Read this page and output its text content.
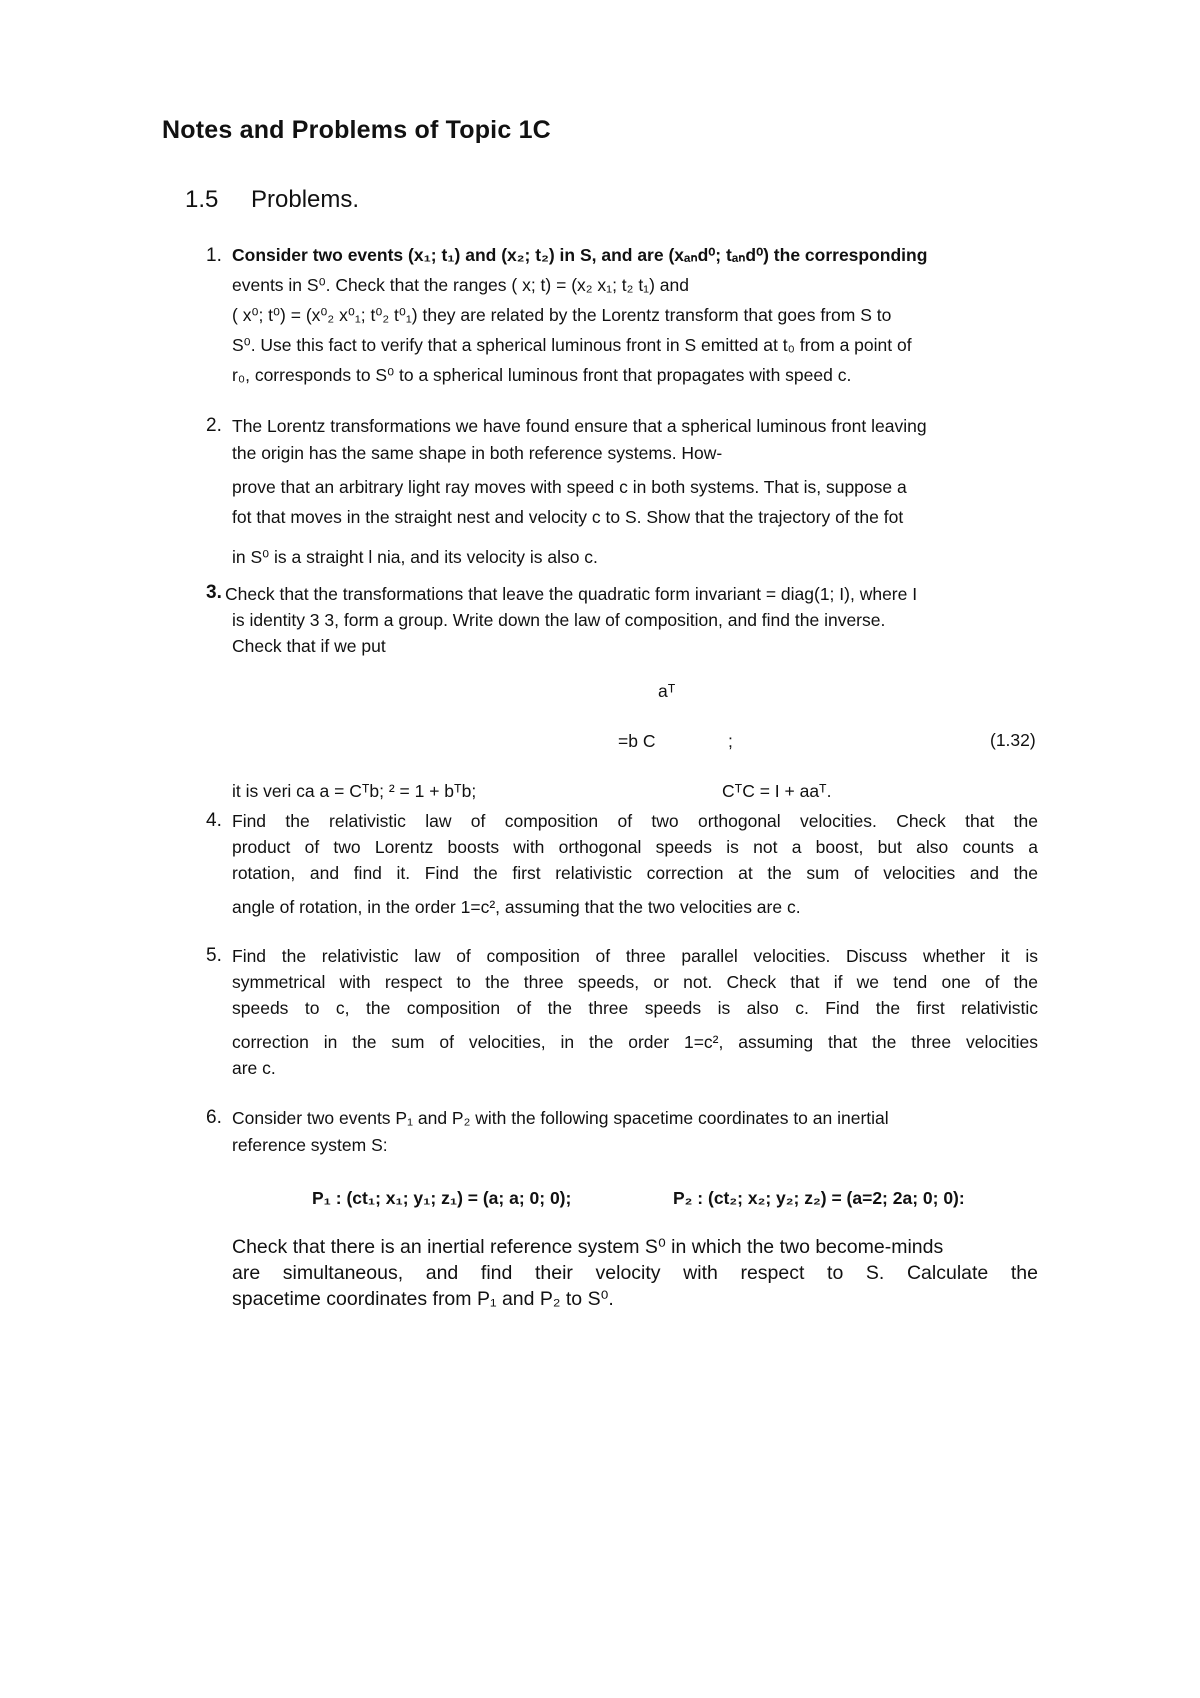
Notes and Problems of Topic 1C
1.5 Problems.
1. Consider two events (x₁; t₁) and (x₂; t₂) in S, and are (xₐₙd⁰; tₐₙd⁰) the corresponding
events in S⁰. Check that the ranges ( x; t) = (x₂ x₁; t₂ t₁) and
( x⁰; t⁰) = (x⁰₂ x⁰₁; t⁰₂ t⁰₁) they are related by the Lorentz transform that goes from S to
S⁰. Use this fact to verify that a spherical luminous front in S emitted at t₀ from a point of
r₀, corresponds to S⁰ to a spherical luminous front that propagates with speed c.
2. The Lorentz transformations we have found ensure that a spherical luminous front leaving
the origin has the same shape in both reference systems. How-
prove that an arbitrary light ray moves with speed c in both systems. That is, suppose a
fot that moves in the straight nest and velocity c to S. Show that the trajectory of the fot
in S⁰ is a straight l nia, and its velocity is also c.
3. Check that the transformations that leave the quadratic form invariant = diag(1; I), where I
is identity 3 3, form a group. Write down the law of composition, and find the inverse.
Check that if we put
aᵀ
=b C	;	(1.32)
it is veri ca a = Cᵀb; ² = 1 + bᵀb;	CᵀC = I + aaᵀ.
4. Find the relativistic law of composition of two orthogonal velocities. Check that the
product of two Lorentz boosts with orthogonal speeds is not a boost, but also counts a
rotation, and find it. Find the first relativistic correction at the sum of velocities and the
angle of rotation, in the order 1=c², assuming that the two velocities are c.
5. Find the relativistic law of composition of three parallel velocities. Discuss whether it is
symmetrical with respect to the three speeds, or not. Check that if we tend one of the
speeds to c, the composition of the three speeds is also c. Find the first relativistic
correction in the sum of velocities, in the order 1=c², assuming that the three velocities
are c.
6. Consider two events P₁ and P₂ with the following spacetime coordinates to an inertial
reference system S:
P₁ : (ct₁; x₁; y₁; z₁) = (a; a; 0; 0);	P₂ : (ct₂; x₂; y₂; z₂) = (a=2; 2a; 0; 0):
Check that there is an inertial reference system S⁰ in which the two become-minds
are simultaneous, and find their velocity with respect to S. Calculate the
spacetime coordinates from P₁ and P₂ to S⁰.
